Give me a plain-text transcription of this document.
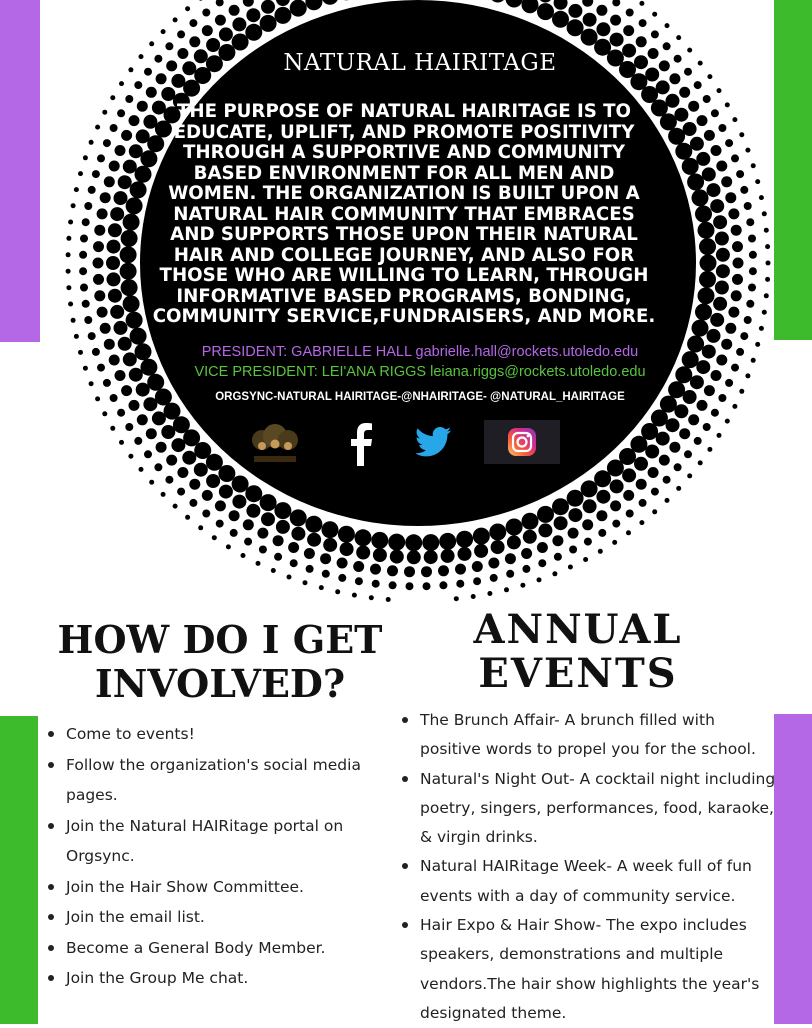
NATURAL HAIRITAGE

THE PURPOSE OF NATURAL HAIRITAGE IS TO
EDUCATE, UPLIFT, AND PROMOTE POSITIVITY
THROUGH A SUPPORTIVE AND COMMUNITY
BASED ENVIRONMENT FOR ALL MEN AND
WOMEN. THE ORGANIZATION IS BUILT UPON A
NATURAL HAIR COMMUNITY THAT EMBRACES
AND SUPPORTS THOSE UPON THEIR NATURAL
HAIR AND COLLEGE JOURNEY, AND ALSO FOR
THOSE WHO ARE WILLING TO LEARN, THROUGH
INFORMATIVE BASED PROGRAMS, BONDING,
COMMUNITY SERVICE,FUNDRAISERS, AND MORE.

PRESIDENT: GABRIELLE HALL gabrielle.hall@rockets.utoledo.edu
VICE PRESIDENT: LEI'ANA RIGGS leiana.riggs@rockets.utoledo.edu
ORGSYNC-NATURAL HAIRITAGE-@NHAIRITAGE- @NATURAL_HAIRITAGE
HOW DO I GET
INVOLVED?
Come to events!
Follow the organization's social media pages.
Join the Natural HAIRitage portal on Orgsync.
Join the Hair Show Committee.
Join the email list.
Become a General Body Member.
Join the Group Me chat.
ANNUAL
EVENTS
The Brunch Affair- A brunch filled with positive words to propel you for the school.
Natural's Night Out- A cocktail night including poetry, singers, performances, food, karaoke, & virgin drinks.
Natural HAIRitage Week- A week full of fun events with a day of community service.
Hair Expo & Hair Show- The expo includes speakers, demonstrations and multiple vendors.The hair show highlights the year's designated theme.
